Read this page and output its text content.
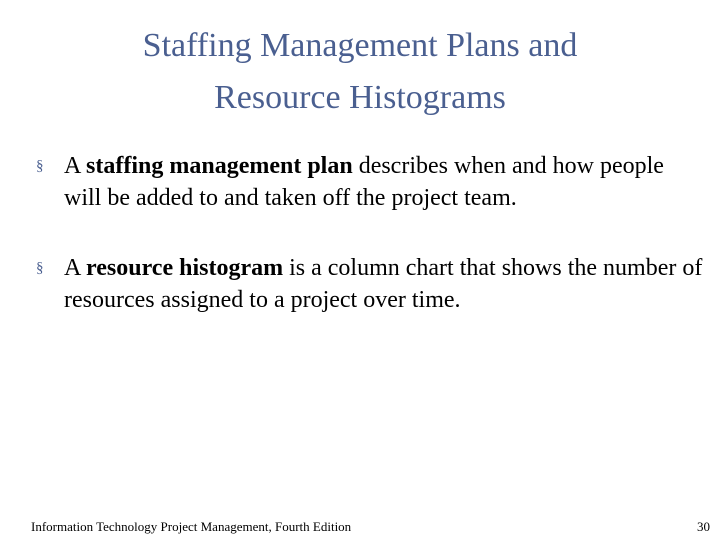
Staffing Management Plans and
Resource Histograms
§ A staffing management plan describes when and how people will be added to and taken off the project team.
§ A resource histogram is a column chart that shows the number of resources assigned to a project over time.
Information Technology Project Management, Fourth Edition	30
